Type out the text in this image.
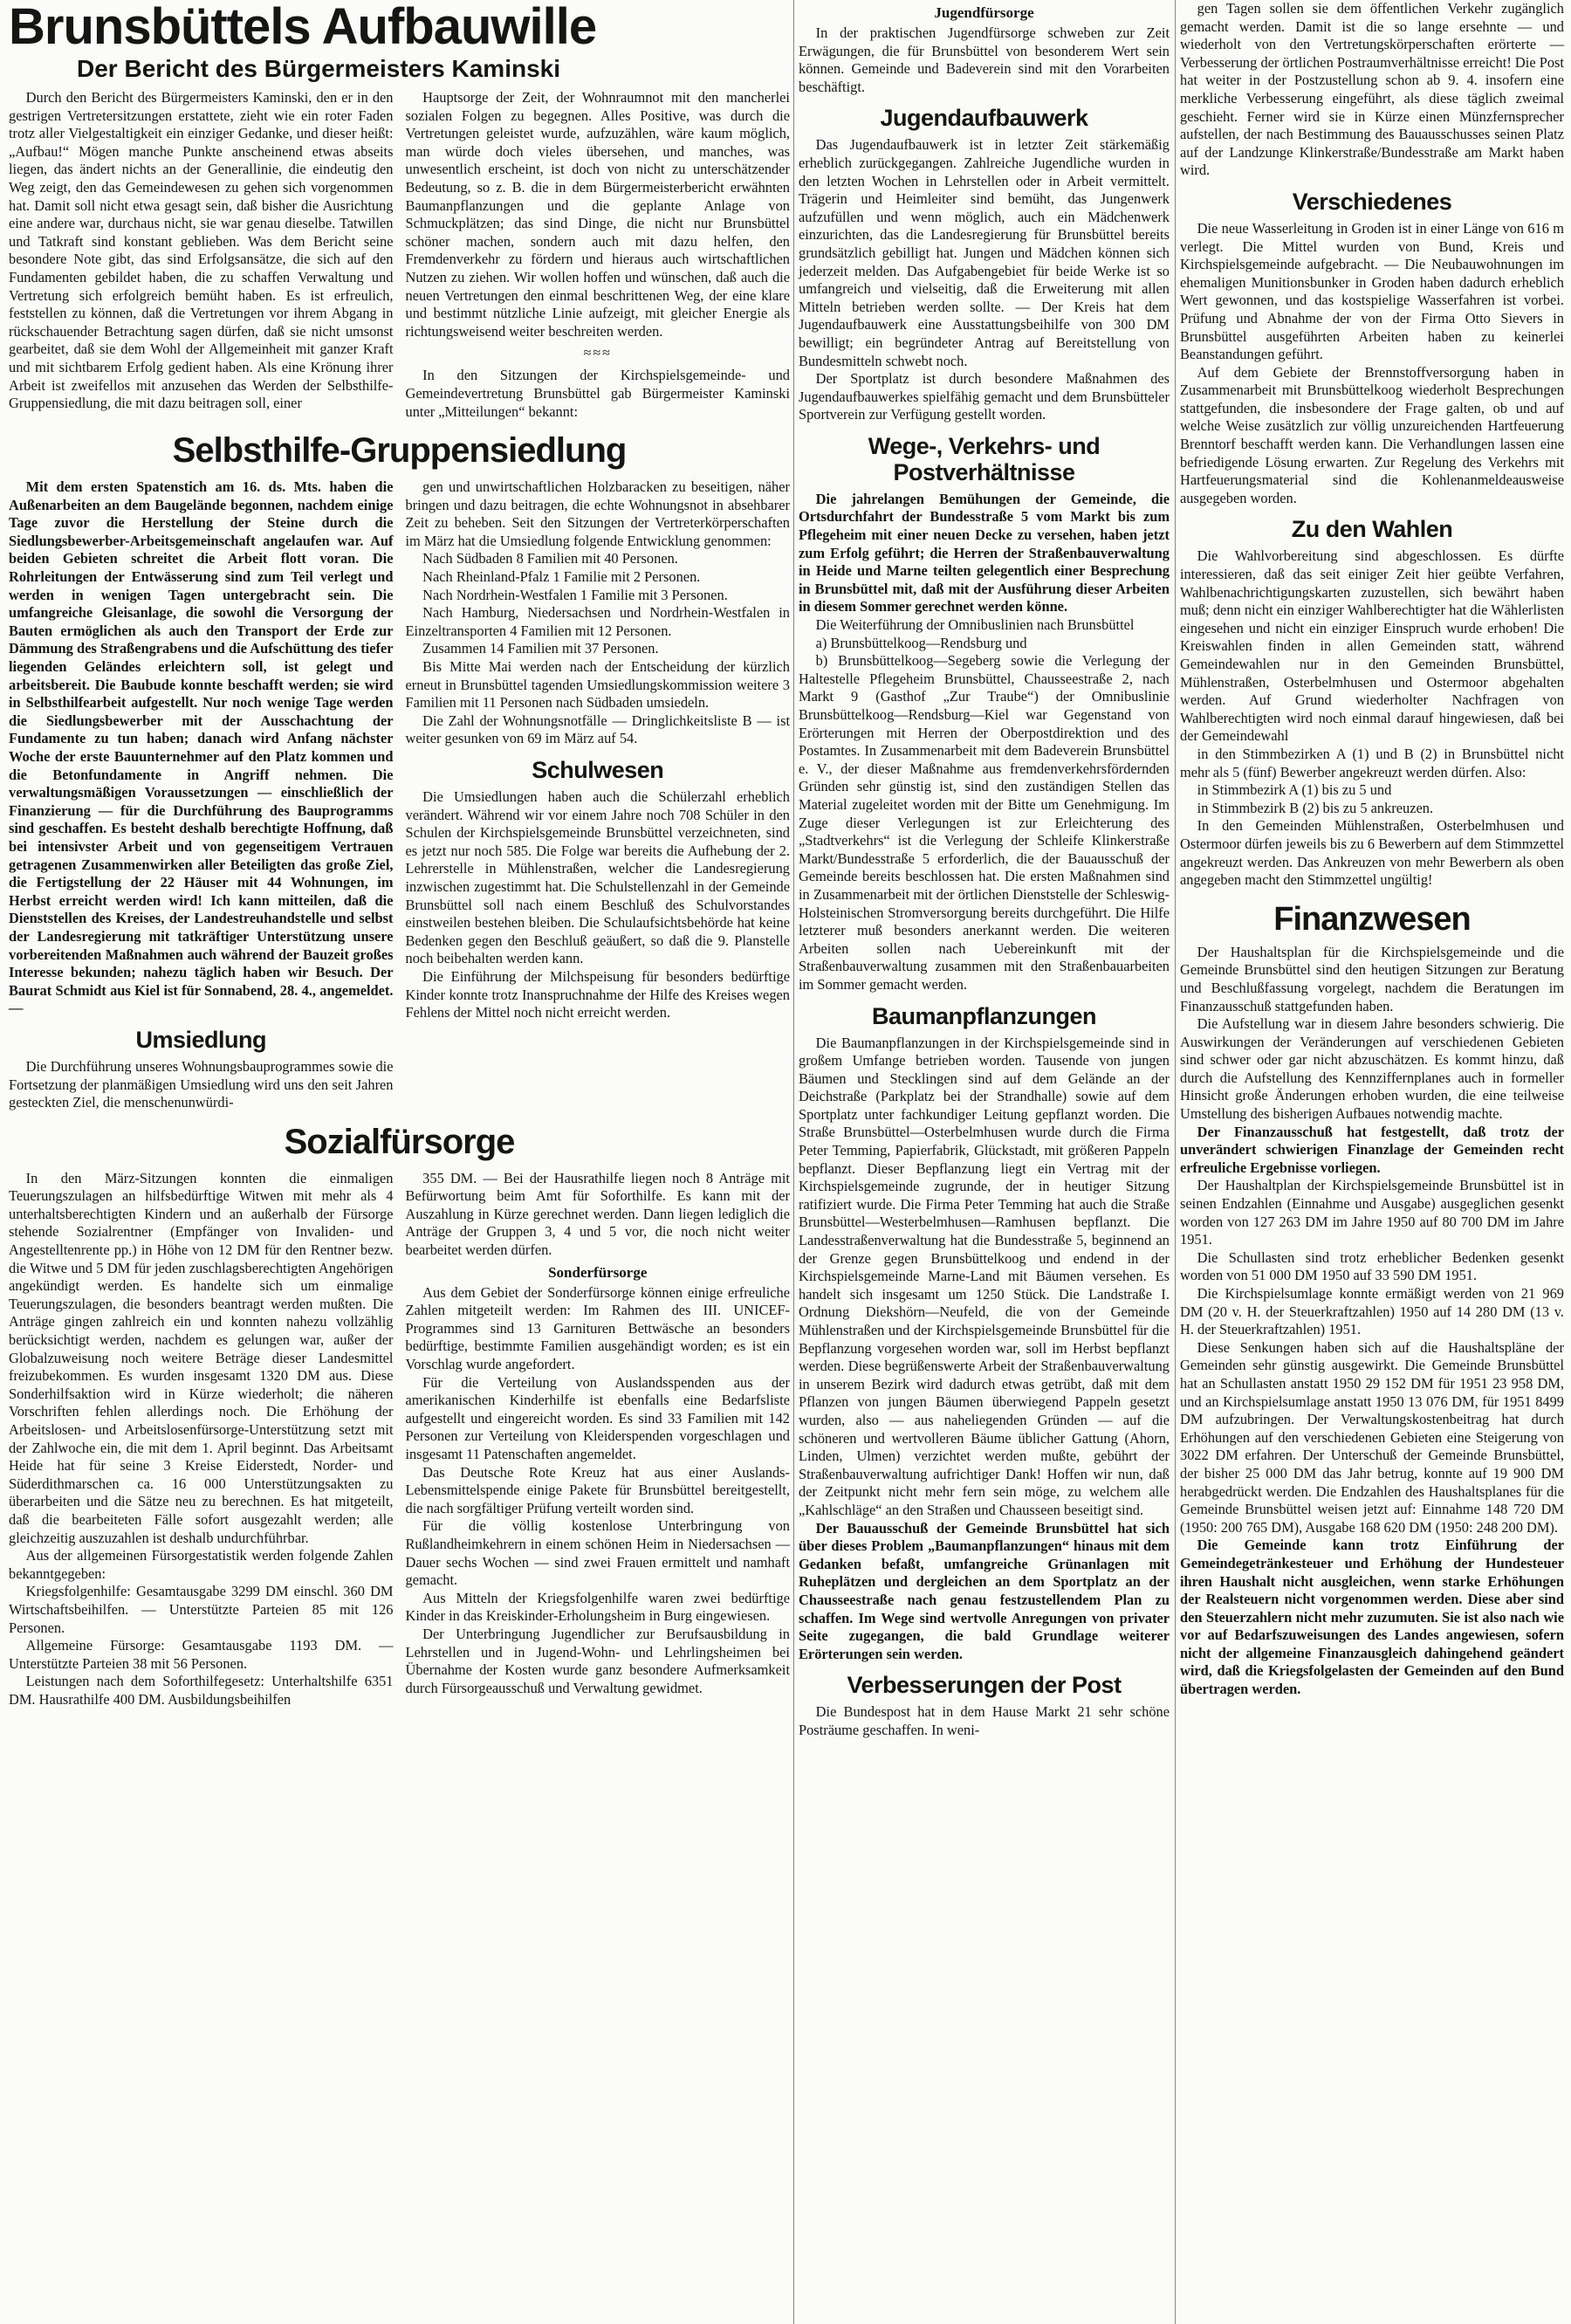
Brunsbüttels Aufbauwille
Der Bericht des Bürgermeisters Kaminski

Durch den Bericht des Bürgermeisters Kaminski, den er in den gestrigen Vertretersitzungen erstattete, zieht wie ein roter Faden trotz aller Vielgestaltigkeit ein einziger Gedanke, und dieser heißt: „Aufbau!“ Mögen manche Punkte anscheinend etwas abseits liegen, das ändert nichts an der Generallinie, die eindeutig den Weg zeigt, den das Gemeindewesen zu gehen sich vorgenommen hat. Damit soll nicht etwa gesagt sein, daß bisher die Ausrichtung eine andere war, durchaus nicht, sie war genau dieselbe. Tatwillen und Tatkraft sind konstant geblieben. Was dem Bericht seine besondere Note gibt, das sind Erfolgsansätze, die sich auf den Fundamenten gebildet haben, die zu schaffen Verwaltung und Vertretung sich erfolgreich bemüht haben. Es ist erfreulich, feststellen zu können, daß die Vertretungen vor ihrem Abgang in rückschauender Betrachtung sagen dürfen, daß sie nicht umsonst gearbeitet, daß sie dem Wohl der Allgemeinheit mit ganzer Kraft und mit sichtbarem Erfolg gedient haben. Als eine Krönung ihrer Arbeit ist zweifellos mit anzusehen das Werden der Selbsthilfe-Gruppensiedlung, die mit dazu beitragen soll, einer

Hauptsorge der Zeit, der Wohnraumnot mit den mancherlei sozialen Folgen zu begegnen. Alles Positive, was durch die Vertretungen geleistet wurde, aufzuzählen, wäre kaum möglich, man würde doch vieles übersehen, und manches, was unwesentlich erscheint, ist doch von nicht zu unterschätzender Bedeutung, so z. B. die in dem Bürgermeisterbericht erwähnten Baumanpflanzungen und die geplante Anlage von Schmuckplätzen; das sind Dinge, die nicht nur Brunsbüttel schöner machen, sondern auch mit dazu helfen, den Fremdenverkehr zu fördern und hieraus auch wirtschaftlichen Nutzen zu ziehen. Wir wollen hoffen und wünschen, daß auch die neuen Vertretungen den einmal beschrittenen Weg, der eine klare und bestimmt nützliche Linie aufzeigt, mit gleicher Energie als richtungsweisend weiter beschreiten werden.

≈≈≈

In den Sitzungen der Kirchspielsgemeinde- und Gemeindevertretung Brunsbüttel gab Bürgermeister Kaminski unter „Mitteilungen“ bekannt:

Selbsthilfe-Gruppensiedlung

Mit dem ersten Spatenstich am 16. ds. Mts. haben die Außenarbeiten an dem Baugelände begonnen, nachdem einige Tage zuvor die Herstellung der Steine durch die Siedlungsbewerber-Arbeitsgemeinschaft angelaufen war. Auf beiden Gebieten schreitet die Arbeit flott voran. Die Rohrleitungen der Entwässerung sind zum Teil verlegt und werden in wenigen Tagen untergebracht sein. Die umfangreiche Gleisanlage, die sowohl die Versorgung der Bauten ermöglichen als auch den Transport der Erde zur Dämmung des Straßengrabens und die Aufschüttung des tiefer liegenden Geländes erleichtern soll, ist gelegt und arbeitsbereit. Die Baubude konnte beschafft werden; sie wird in Selbsthilfearbeit aufgestellt. Nur noch wenige Tage werden die Siedlungsbewerber mit der Ausschachtung der Fundamente zu tun haben; danach wird Anfang nächster Woche der erste Bauunternehmer auf den Platz kommen und die Betonfundamente in Angriff nehmen. Die verwaltungsmäßigen Voraussetzungen — einschließlich der Finanzierung — für die Durchführung des Bauprogramms sind geschaffen. Es besteht deshalb berechtigte Hoffnung, daß bei intensivster Arbeit und von gegenseitigem Vertrauen getragenen Zusammenwirken aller Beteiligten das große Ziel, die Fertigstellung der 22 Häuser mit 44 Wohnungen, im Herbst erreicht werden wird! Ich kann mitteilen, daß die Dienststellen des Kreises, der Landestreuhandstelle und selbst der Landesregierung mit tatkräftiger Unterstützung unsere vorbereitenden Maßnahmen auch während der Bauzeit großes Interesse bekunden; nahezu täglich haben wir Besuch. Der Baurat Schmidt aus Kiel ist für Sonnabend, 28. 4., angemeldet. —

Umsiedlung

Die Durchführung unseres Wohnungsbauprogrammes sowie die Fortsetzung der planmäßigen Umsiedlung wird uns den seit Jahren gesteckten Ziel, die menschenunwürdi-

gen und unwirtschaftlichen Holzbaracken zu beseitigen, näher bringen und dazu beitragen, die echte Wohnungsnot in absehbarer Zeit zu beheben. Seit den Sitzungen der Vertreterkörperschaften im März hat die Umsiedlung folgende Entwicklung genommen:

Nach Südbaden 8 Familien mit 40 Personen.

Nach Rheinland-Pfalz 1 Familie mit 2 Personen.

Nach Nordrhein-Westfalen 1 Familie mit 3 Personen.

Nach Hamburg, Niedersachsen und Nordrhein-Westfalen in Einzeltransporten 4 Familien mit 12 Personen.

Zusammen 14 Familien mit 37 Personen.

Bis Mitte Mai werden nach der Entscheidung der kürzlich erneut in Brunsbüttel tagenden Umsiedlungskommission weitere 3 Familien mit 11 Personen nach Südbaden umsiedeln.

Die Zahl der Wohnungsnotfälle — Dringlichkeitsliste B — ist weiter gesunken von 69 im März auf 54.

Schulwesen

Die Umsiedlungen haben auch die Schülerzahl erheblich verändert. Während wir vor einem Jahre noch 708 Schüler in den Schulen der Kirchspielsgemeinde Brunsbüttel verzeichneten, sind es jetzt nur noch 585. Die Folge war bereits die Aufhebung der 2. Lehrerstelle in Mühlenstraßen, welcher die Landesregierung inzwischen zugestimmt hat. Die Schulstellenzahl in der Gemeinde Brunsbüttel soll nach einem Beschluß des Schulvorstandes einstweilen bestehen bleiben. Die Schulaufsichtsbehörde hat keine Bedenken gegen den Beschluß geäußert, so daß die 9. Planstelle noch beibehalten werden kann.

Die Einführung der Milchspeisung für besonders bedürftige Kinder konnte trotz Inanspruchnahme der Hilfe des Kreises wegen Fehlens der Mittel noch nicht erreicht werden.

Sozialfürsorge

In den März-Sitzungen konnten die einmaligen Teuerungszulagen an hilfsbedürftige Witwen mit mehr als 4 unterhaltsberechtigten Kindern und an außerhalb der Fürsorge stehende Sozialrentner (Empfänger von Invaliden- und Angestelltenrente pp.) in Höhe von 12 DM für den Rentner bezw. die Witwe und 5 DM für jeden zuschlagsberechtigten Angehörigen angekündigt werden. Es handelte sich um einmalige Teuerungszulagen, die besonders beantragt werden mußten. Die Anträge gingen zahlreich ein und konnten nahezu vollzählig berücksichtigt werden, nachdem es gelungen war, außer der Globalzuweisung noch weitere Beträge dieser Landesmittel freizubekommen. Es wurden insgesamt 1320 DM aus. Diese Sonderhilfsaktion wird in Kürze wiederholt; die näheren Vorschriften fehlen allerdings noch. Die Erhöhung der Arbeitslosen- und Arbeitslosenfürsorge-Unterstützung setzt mit der Zahlwoche ein, die mit dem 1. April beginnt. Das Arbeitsamt Heide hat für seine 3 Kreise Eiderstedt, Norder- und Süderdithmarschen ca. 16 000 Unterstützungsakten zu überarbeiten und die Sätze neu zu berechnen. Es hat mitgeteilt, daß die bearbeiteten Fälle sofort ausgezahlt werden; alle gleichzeitig auszuzahlen ist deshalb undurchführbar.

Aus der allgemeinen Fürsorgestatistik werden folgende Zahlen bekanntgegeben:

Kriegsfolgenhilfe: Gesamtausgabe 3299 DM einschl. 360 DM Wirtschaftsbeihilfen. — Unterstützte Parteien 85 mit 126 Personen.

Allgemeine Fürsorge: Gesamtausgabe 1193 DM. — Unterstützte Parteien 38 mit 56 Personen.

Leistungen nach dem Soforthilfegesetz: Unterhaltshilfe 6351 DM. Hausrathilfe 400 DM. Ausbildungsbeihilfen

355 DM. — Bei der Hausrathilfe liegen noch 8 Anträge mit Befürwortung beim Amt für Soforthilfe. Es kann mit der Auszahlung in Kürze gerechnet werden. Dann liegen lediglich die Anträge der Gruppen 3, 4 und 5 vor, die noch nicht weiter bearbeitet werden dürfen.

Sonderfürsorge

Aus dem Gebiet der Sonderfürsorge können einige erfreuliche Zahlen mitgeteilt werden: Im Rahmen des III. UNICEF-Programmes sind 13 Garnituren Bettwäsche an besonders bedürftige, bestimmte Familien ausgehändigt worden; es ist ein Vorschlag wurde angefordert.

Für die Verteilung von Auslandsspenden aus der amerikanischen Kinderhilfe ist ebenfalls eine Bedarfsliste aufgestellt und eingereicht worden. Es sind 33 Familien mit 142 Personen zur Verteilung von Kleiderspenden vorgeschlagen und insgesamt 11 Patenschaften angemeldet.

Das Deutsche Rote Kreuz hat aus einer Auslands-Lebensmittelspende einige Pakete für Brunsbüttel bereitgestellt, die nach sorgfältiger Prüfung verteilt worden sind.

Für die völlig kostenlose Unterbringung von Rußlandheimkehrern in einem schönen Heim in Niedersachsen — Dauer sechs Wochen — sind zwei Frauen ermittelt und namhaft gemacht.

Aus Mitteln der Kriegsfolgenhilfe waren zwei bedürftige Kinder in das Kreiskinder-Erholungsheim in Burg eingewiesen.

Der Unterbringung Jugendlicher zur Berufsausbildung in Lehrstellen und in Jugend-Wohn- und Lehrlingsheimen bei Übernahme der Kosten wurde ganz besondere Aufmerksamkeit durch Fürsorgeausschuß und Verwaltung gewidmet.

Jugendfürsorge

In der praktischen Jugendfürsorge schweben zur Zeit Erwägungen, die für Brunsbüttel von besonderem Wert sein können. Gemeinde und Badeverein sind mit den Vorarbeiten beschäftigt.

Jugendaufbauwerk

Das Jugendaufbauwerk ist in letzter Zeit stärkemäßig erheblich zurückgegangen. Zahlreiche Jugendliche wurden in den letzten Wochen in Lehrstellen oder in Arbeit vermittelt. Trägerin und Heimleiter sind bemüht, das Jungenwerk aufzufüllen und wenn möglich, auch ein Mädchenwerk einzurichten, das die Landesregierung für Brunsbüttel bereits grundsätzlich gebilligt hat. Jungen und Mädchen können sich jederzeit melden. Das Aufgabengebiet für beide Werke ist so umfangreich und vielseitig, daß die Erweiterung mit allen Mitteln betrieben werden sollte. — Der Kreis hat dem Jugendaufbauwerk eine Ausstattungsbeihilfe von 300 DM bewilligt; ein begründeter Antrag auf Bereitstellung von Bundesmitteln schwebt noch.

Der Sportplatz ist durch besondere Maßnahmen des Jugendaufbauwerkes spielfähig gemacht und dem Brunsbütteler Sportverein zur Verfügung gestellt worden.

Wege-, Verkehrs- und Postverhältnisse

Die jahrelangen Bemühungen der Gemeinde, die Ortsdurchfahrt der Bundesstraße 5 vom Markt bis zum Pflegeheim mit einer neuen Decke zu versehen, haben jetzt zum Erfolg geführt; die Herren der Straßenbauverwaltung in Heide und Marne teilten gelegentlich einer Besprechung in Brunsbüttel mit, daß mit der Ausführung dieser Arbeiten in diesem Sommer gerechnet werden könne.

Die Weiterführung der Omnibuslinien nach Brunsbüttel

a) Brunsbüttelkoog—Rendsburg und

b) Brunsbüttelkoog—Segeberg sowie die Verlegung der Haltestelle Pflegeheim Brunsbüttel, Chausseestraße 2, nach Markt 9 (Gasthof „Zur Traube“) der Omnibuslinie Brunsbüttelkoog—Rendsburg—Kiel war Gegenstand von Erörterungen mit Herren der Oberpostdirektion und des Postamtes. In Zusammenarbeit mit dem Badeverein Brunsbüttel e. V., der dieser Maßnahme aus fremdenverkehrsfördernden Gründen sehr günstig ist, sind den zuständigen Stellen das Material zugeleitet worden mit der Bitte um Genehmigung. Im Zuge dieser Verlegungen ist zur Erleichterung des „Stadtverkehrs“ ist die Verlegung der Schleife Klinkerstraße Markt/Bundesstraße 5 erforderlich, die der Bauausschuß der Gemeinde bereits beschlossen hat. Die ersten Maßnahmen sind in Zusammenarbeit mit der örtlichen Dienststelle der Schleswig-Holsteinischen Stromversorgung bereits durchgeführt. Die Hilfe letzterer muß besonders anerkannt werden. Die weiteren Arbeiten sollen nach Uebereinkunft mit der Straßenbauverwaltung zusammen mit den Straßenbauarbeiten im Sommer gemacht werden.

Baumanpflanzungen

Die Baumanpflanzungen in der Kirchspielsgemeinde sind in großem Umfange betrieben worden. Tausende von jungen Bäumen und Stecklingen sind auf dem Gelände an der Deichstraße (Parkplatz bei der Strandhalle) sowie auf dem Sportplatz unter fachkundiger Leitung gepflanzt worden. Die Straße Brunsbüttel—Osterbelmhusen wurde durch die Firma Peter Temming, Papierfabrik, Glückstadt, mit größeren Pappeln bepflanzt. Dieser Bepflanzung liegt ein Vertrag mit der Kirchspielsgemeinde zugrunde, der in heutiger Sitzung ratifiziert wurde. Die Firma Peter Temming hat auch die Straße Brunsbüttel—Westerbelmhusen—Ramhusen bepflanzt. Die Landesstraßenverwaltung hat die Bundesstraße 5, beginnend an der Grenze gegen Brunsbüttelkoog und endend in der Kirchspielsgemeinde Marne-Land mit Bäumen versehen. Es handelt sich insgesamt um 1250 Stück. Die Landstraße I. Ordnung Diekshörn—Neufeld, die von der Gemeinde Mühlenstraßen und der Kirchspielsgemeinde Brunsbüttel für die Bepflanzung vorgesehen worden war, soll im Herbst bepflanzt werden. Diese begrüßenswerte Arbeit der Straßenbauverwaltung in unserem Bezirk wird dadurch etwas getrübt, daß mit dem Pflanzen von jungen Bäumen überwiegend Pappeln gesetzt wurden, also — aus naheliegenden Gründen — auf die schöneren und wertvolleren Bäume üblicher Gattung (Ahorn, Linden, Ulmen) verzichtet werden mußte, gebührt der Straßenbauverwaltung aufrichtiger Dank! Hoffen wir nun, daß der Zeitpunkt nicht mehr fern sein möge, zu welchem alle „Kahlschläge“ an den Straßen und Chausseen beseitigt sind.

Der Bauausschuß der Gemeinde Brunsbüttel hat sich über dieses Problem „Baumanpflanzungen“ hinaus mit dem Gedanken befaßt, umfangreiche Grünanlagen mit Ruheplätzen und dergleichen an dem Sportplatz an der Chausseestraße nach genau festzustellendem Plan zu schaffen. Im Wege sind wertvolle Anregungen von privater Seite zugegangen, die bald Grundlage weiterer Erörterungen sein werden.

Verbesserungen der Post

Die Bundespost hat in dem Hause Markt 21 sehr schöne Posträume geschaffen. In weni-

gen Tagen sollen sie dem öffentlichen Verkehr zugänglich gemacht werden. Damit ist die so lange ersehnte — und wiederholt von den Vertretungskörperschaften erörterte — Verbesserung der örtlichen Postraumverhältnisse erreicht! Die Post hat weiter in der Postzustellung schon ab 9. 4. insofern eine merkliche Verbesserung eingeführt, als diese täglich zweimal geschieht. Ferner wird sie in Kürze einen Münzfernsprecher aufstellen, der nach Bestimmung des Bauausschusses seinen Platz auf der Landzunge Klinkerstraße/Bundesstraße am Markt haben wird.

Verschiedenes

Die neue Wasserleitung in Groden ist in einer Länge von 616 m verlegt. Die Mittel wurden von Bund, Kreis und Kirchspielsgemeinde aufgebracht. — Die Neubauwohnungen im ehemaligen Munitionsbunker in Groden haben dadurch erheblich Wert gewonnen, und das kostspielige Wasserfahren ist vorbei. Prüfung und Abnahme der von der Firma Otto Sievers in Brunsbüttel ausgeführten Arbeiten haben zu keinerlei Beanstandungen geführt.

Auf dem Gebiete der Brennstoffversorgung haben in Zusammenarbeit mit Brunsbüttelkoog wiederholt Besprechungen stattgefunden, die insbesondere der Frage galten, ob und auf welche Weise zusätzlich zur völlig unzureichenden Hartfeuerung Brenntorf beschafft werden kann. Die Verhandlungen lassen eine befriedigende Lösung erwarten. Zur Regelung des Verkehrs mit Hartfeuerungsmaterial sind die Kohlenanmeldeausweise ausgegeben worden.

Zu den Wahlen

Die Wahlvorbereitung sind abgeschlossen. Es dürfte interessieren, daß das seit einiger Zeit hier geübte Verfahren, Wahlbenachrichtigungskarten zuzustellen, sich bewährt haben muß; denn nicht ein einziger Wahlberechtigter hat die Wählerlisten eingesehen und nicht ein einziger Einspruch wurde erhoben! Die Kreiswahlen finden in allen Gemeinden statt, während Gemeindewahlen nur in den Gemeinden Brunsbüttel, Mühlenstraßen, Osterbelmhusen und Ostermoor abgehalten werden. Auf Grund wiederholter Nachfragen von Wahlberechtigten wird noch einmal darauf hingewiesen, daß bei der Gemeindewahl

in den Stimmbezirken A (1) und B (2) in Brunsbüttel nicht mehr als 5 (fünf) Bewerber angekreuzt werden dürfen. Also:

in Stimmbezirk A (1) bis zu 5 und

in Stimmbezirk B (2) bis zu 5 ankreuzen.

In den Gemeinden Mühlenstraßen, Osterbelmhusen und Ostermoor dürfen jeweils bis zu 6 Bewerbern auf dem Stimmzettel angekreuzt werden. Das Ankreuzen von mehr Bewerbern als oben angegeben macht den Stimmzettel ungültig!

Finanzwesen

Der Haushaltsplan für die Kirchspielsgemeinde und die Gemeinde Brunsbüttel sind den heutigen Sitzungen zur Beratung und Beschlußfassung vorgelegt, nachdem die Beratungen im Finanzausschuß stattgefunden haben.

Die Aufstellung war in diesem Jahre besonders schwierig. Die Auswirkungen der Veränderungen auf verschiedenen Gebieten sind schwer oder gar nicht abzuschätzen. Es kommt hinzu, daß durch die Aufstellung des Kennziffernplanes auch in formeller Hinsicht große Änderungen erhoben wurden, die eine teilweise Umstellung des bisherigen Aufbaues notwendig machte.

Der Finanzausschuß hat festgestellt, daß trotz der unverändert schwierigen Finanzlage der Gemeinden recht erfreuliche Ergebnisse vorliegen.

Der Haushaltplan der Kirchspielsgemeinde Brunsbüttel ist in seinen Endzahlen (Einnahme und Ausgabe) ausgeglichen gesenkt worden von 127 263 DM im Jahre 1950 auf 80 700 DM im Jahre 1951.

Die Schullasten sind trotz erheblicher Bedenken gesenkt worden von 51 000 DM 1950 auf 33 590 DM 1951.

Die Kirchspielsumlage konnte ermäßigt werden von 21 969 DM (20 v. H. der Steuerkraftzahlen) 1950 auf 14 280 DM (13 v. H. der Steuerkraftzahlen) 1951.

Diese Senkungen haben sich auf die Haushaltspläne der Gemeinden sehr günstig ausgewirkt. Die Gemeinde Brunsbüttel hat an Schullasten anstatt 1950 29 152 DM für 1951 23 958 DM, und an Kirchspielsumlage anstatt 1950 13 076 DM, für 1951 8499 DM aufzubringen. Der Verwaltungskostenbeitrag hat durch Erhöhungen auf den verschiedenen Gebieten eine Steigerung von 3022 DM erfahren. Der Unterschuß der Gemeinde Brunsbüttel, der bisher 25 000 DM das Jahr betrug, konnte auf 19 900 DM herabgedrückt werden. Die Endzahlen des Haushaltsplanes für die Gemeinde Brunsbüttel weisen jetzt auf: Einnahme 148 720 DM (1950: 200 765 DM), Ausgabe 168 620 DM (1950: 248 200 DM).

Die Gemeinde kann trotz Einführung der Gemeindegetränkesteuer und Erhöhung der Hundesteuer ihren Haushalt nicht ausgleichen, wenn starke Erhöhungen der Realsteuern nicht vorgenommen werden. Diese aber sind den Steuerzahlern nicht mehr zuzumuten. Sie ist also nach wie vor auf Bedarfszuweisungen des Landes angewiesen, sofern nicht der allgemeine Finanzausgleich dahingehend geändert wird, daß die Kriegsfolgelasten der Gemeinden auf den Bund übertragen werden.
